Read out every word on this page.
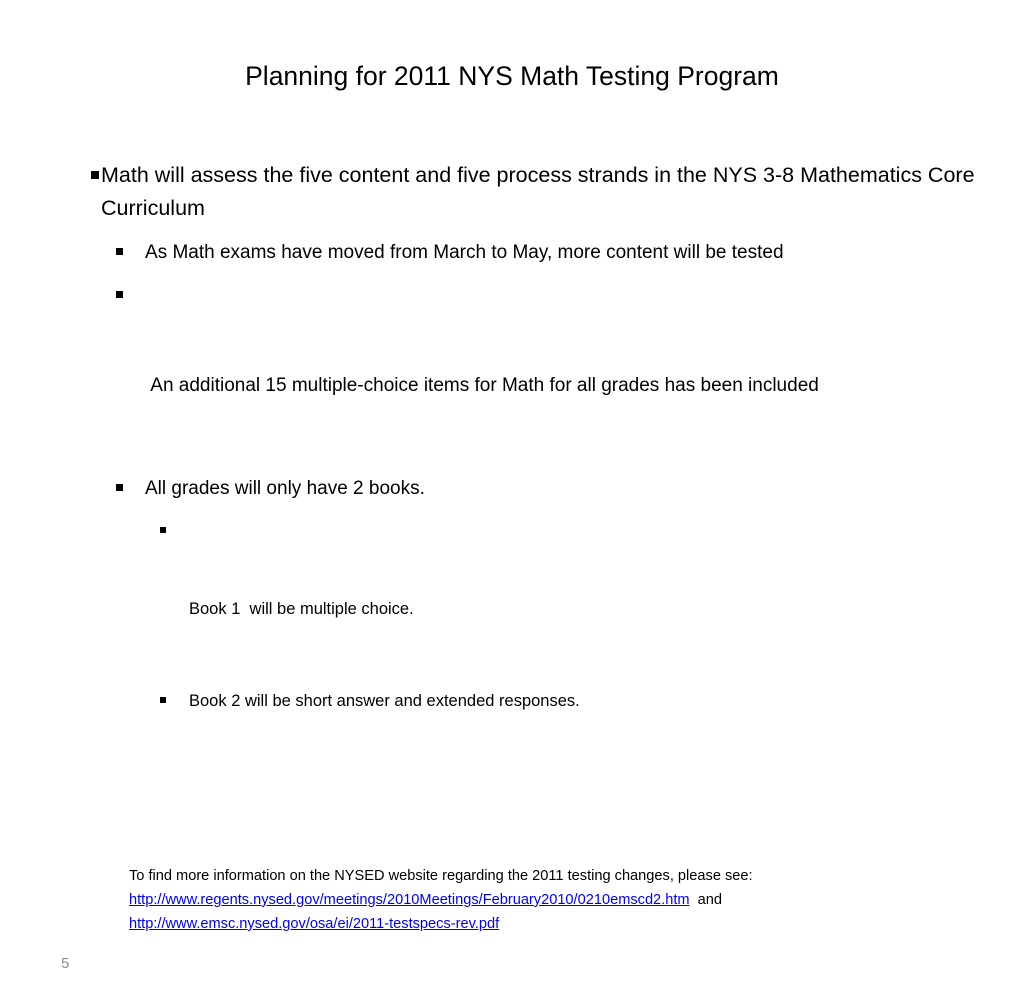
Planning for 2011 NYS Math Testing Program
Math will assess the five content and five process strands in the NYS 3-8 Mathematics Core Curriculum
As Math exams have moved from March to May, more content will be tested

An additional 15 multiple-choice items for Math for all grades has been included

All grades will only have 2 books.

Book 1  will be multiple choice.

Book 2 will be short answer and extended responses.
To find more information on the NYSED website regarding the 2011 testing changes, please see:
http://www.regents.nysed.gov/meetings/2010Meetings/February2010/0210emscd2.htm and
http://www.emsc.nysed.gov/osa/ei/2011-testspecs-rev.pdf
5
